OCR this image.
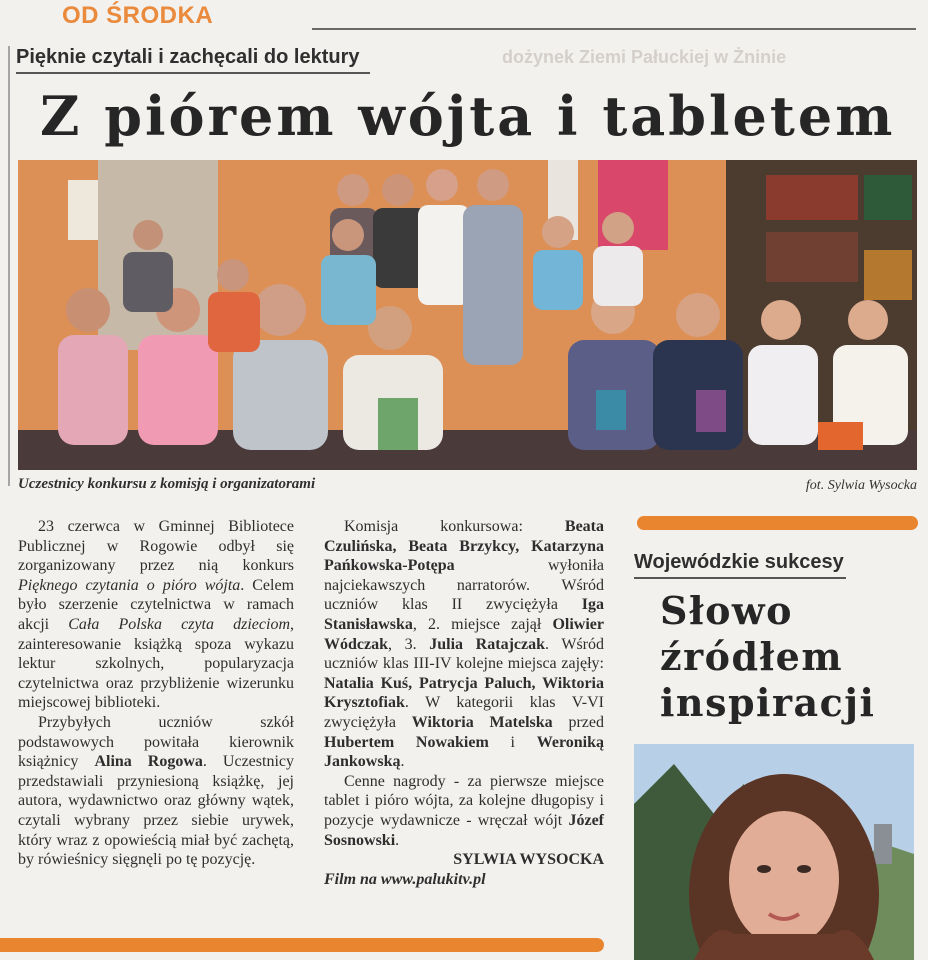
OD ŚRODKA
dożynek Ziemi Pałuckiej w Żninie
Pięknie czytali i zachęcali do lektury
Z piórem wójta i tabletem
Uczestnicy konkursu z komisją i organizatorami	fot. Sylwia Wysocka

23 czerwca w Gminnej Bibliotece Publicznej w Rogowie odbył się zorganizowany przez nią konkurs Pięknego czytania o pióro wójta. Celem było szerzenie czytelnictwa w ramach akcji Cała Polska czyta dzieciom, zainteresowanie książką spoza wykazu lektur szkolnych, popularyzacja czytelnictwa oraz przybliżenie wizerunku miejscowej biblioteki.

Przybyłych uczniów szkół podstawowych powitała kierownik książnicy Alina Rogowa. Uczestnicy przedstawiali przyniesioną książkę, jej autora, wydawnictwo oraz główny wątek, czytali wybrany przez siebie urywek, który wraz z opowieścią miał być zachętą, by rówieśnicy sięgnęli po tę pozycję.

Komisja konkursowa: Beata Czulińska, Beata Brzykcy, Katarzyna Pańkowska-Potępa wyłoniła najciekawszych narratorów. Wśród uczniów klas II zwyciężyła Iga Stanisławska, 2. miejsce zajął Oliwier Wódczak, 3. Julia Ratajczak. Wśród uczniów klas III-IV kolejne miejsca zajęły: Natalia Kuś, Patrycja Paluch, Wiktoria Krysztofiak. W kategorii klas V-VI zwyciężyła Wiktoria Matelska przed Hubertem Nowakiem i Weroniką Jankowską.

Cenne nagrody - za pierwsze miejsce tablet i pióro wójta, za kolejne długopisy i pozycje wydawnicze - wręczał wójt Józef Sosnowski.

SYLWIA WYSOCKA

Film na www.palukitv.pl

Wojewódzkie sukcesy
Słowo źródłem inspiracji
